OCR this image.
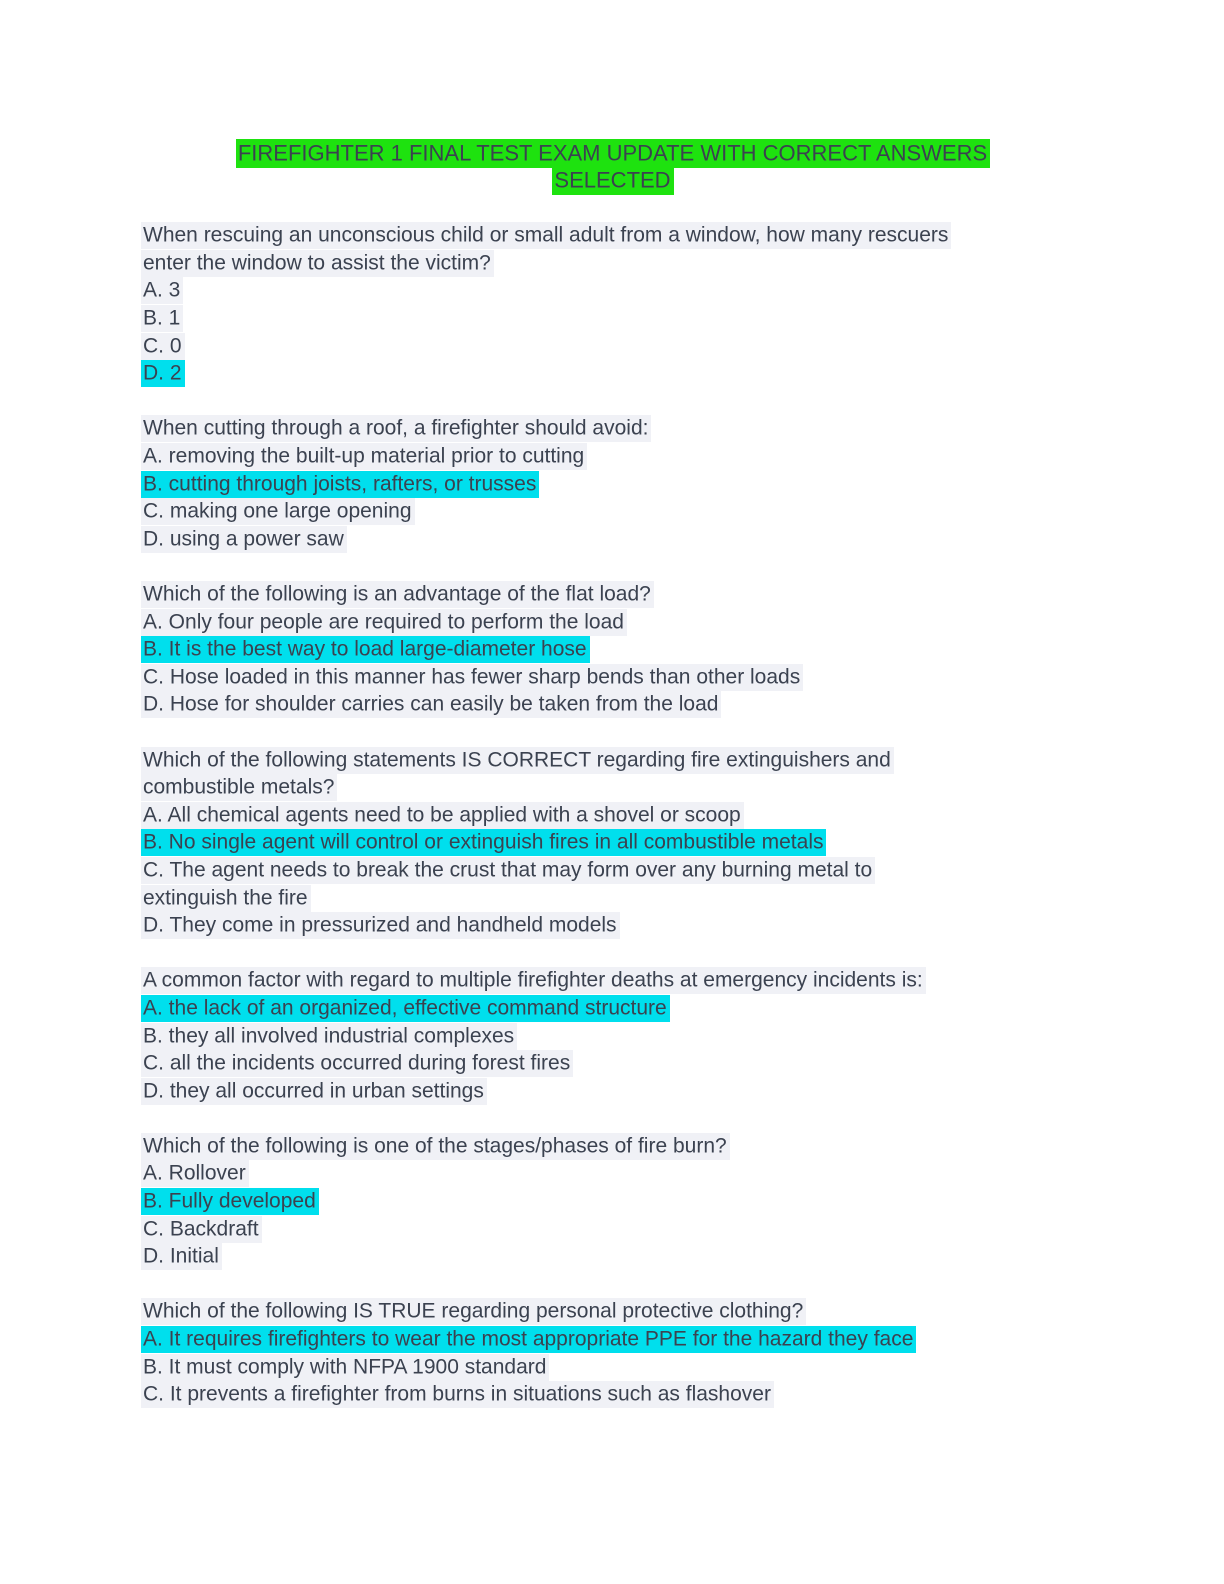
FIREFIGHTER 1 FINAL TEST EXAM UPDATE WITH CORRECT ANSWERS
SELECTED
When rescuing an unconscious child or small adult from a window, how many rescuers
enter the window to assist the victim?
A. 3
B. 1
C. 0
D. 2
When cutting through a roof, a firefighter should avoid:
A. removing the built-up material prior to cutting
B. cutting through joists, rafters, or trusses
C. making one large opening
D. using a power saw
Which of the following is an advantage of the flat load?
A. Only four people are required to perform the load
B. It is the best way to load large-diameter hose
C. Hose loaded in this manner has fewer sharp bends than other loads
D. Hose for shoulder carries can easily be taken from the load
Which of the following statements IS CORRECT regarding fire extinguishers and
combustible metals?
A. All chemical agents need to be applied with a shovel or scoop
B. No single agent will control or extinguish fires in all combustible metals
C. The agent needs to break the crust that may form over any burning metal to
extinguish the fire
D. They come in pressurized and handheld models
A common factor with regard to multiple firefighter deaths at emergency incidents is:
A. the lack of an organized, effective command structure
B. they all involved industrial complexes
C. all the incidents occurred during forest fires
D. they all occurred in urban settings
Which of the following is one of the stages/phases of fire burn?
A. Rollover
B. Fully developed
C. Backdraft
D. Initial
Which of the following IS TRUE regarding personal protective clothing?
A. It requires firefighters to wear the most appropriate PPE for the hazard they face
B. It must comply with NFPA 1900 standard
C. It prevents a firefighter from burns in situations such as flashover
